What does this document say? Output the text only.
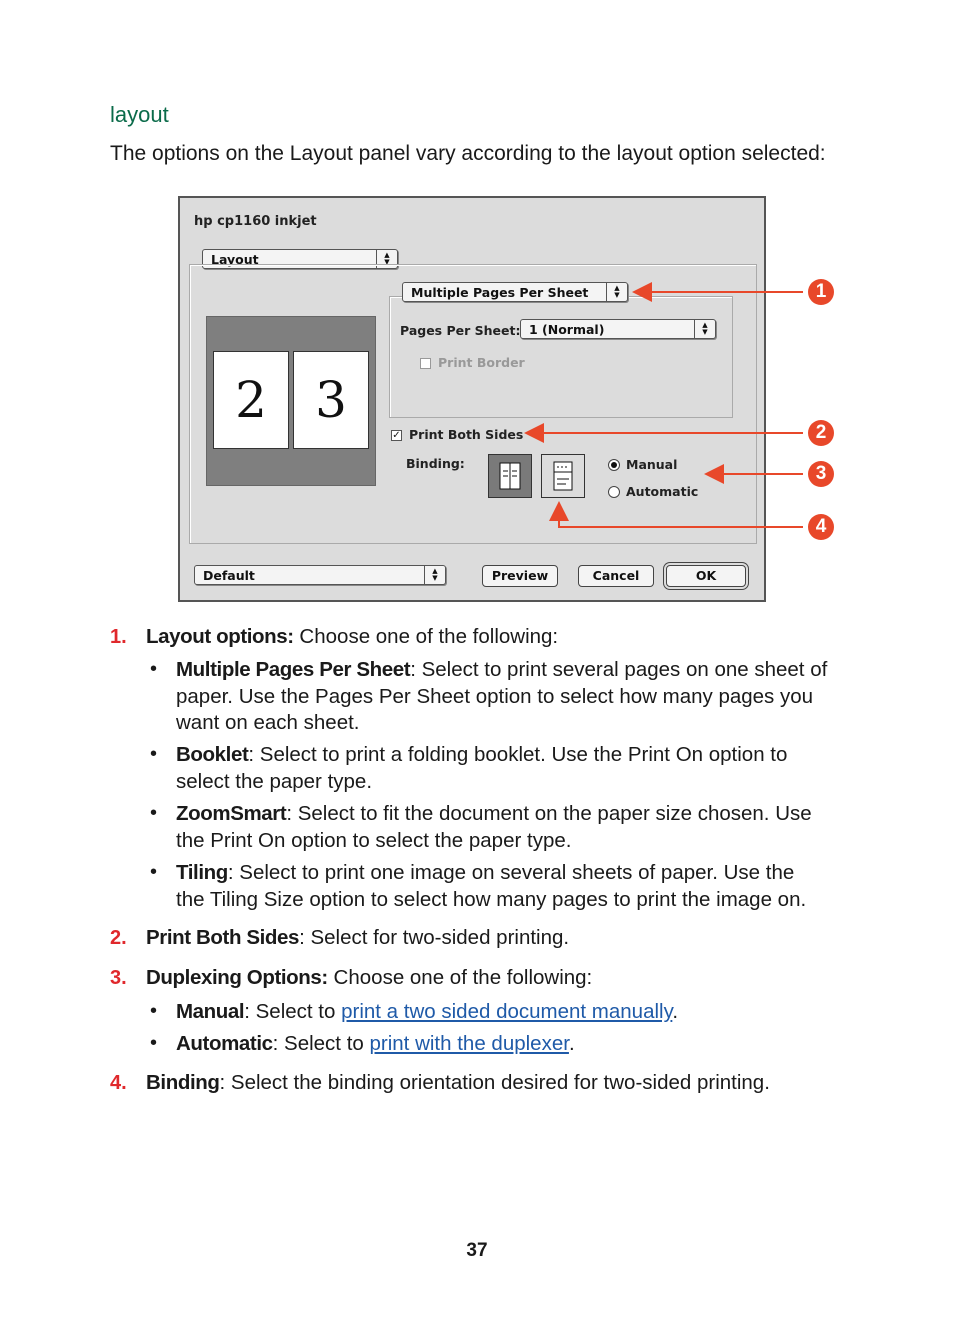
layout
The options on the Layout panel vary according to the layout option selected:
hp cp1160 inkjet
Layout	▲
▼
2 3
Multiple Pages Per Sheet	▲
▼
Pages Per Sheet: 1 (Normal)	▲
▼
Print Border
✓ Print Both Sides
Binding:	Manual
Automatic
Default	▲
▼	Preview	Cancel	OK
1
2
3
4
1. Layout options: Choose one of the following:
• Multiple Pages Per Sheet: Select to print several pages on one sheet of
paper. Use the Pages Per Sheet option to select how many pages you
want on each sheet.
• Booklet: Select to print a folding booklet. Use the Print On option to
select the paper type.
• ZoomSmart: Select to fit the document on the paper size chosen. Use
the Print On option to select the paper type.
• Tiling: Select to print one image on several sheets of paper. Use the
the Tiling Size option to select how many pages to print the image on.
2. Print Both Sides: Select for two-sided printing.
3. Duplexing Options: Choose one of the following:
• Manual: Select to print a two sided document manually.
• Automatic: Select to print with the duplexer.
4. Binding: Select the binding orientation desired for two-sided printing.
37
